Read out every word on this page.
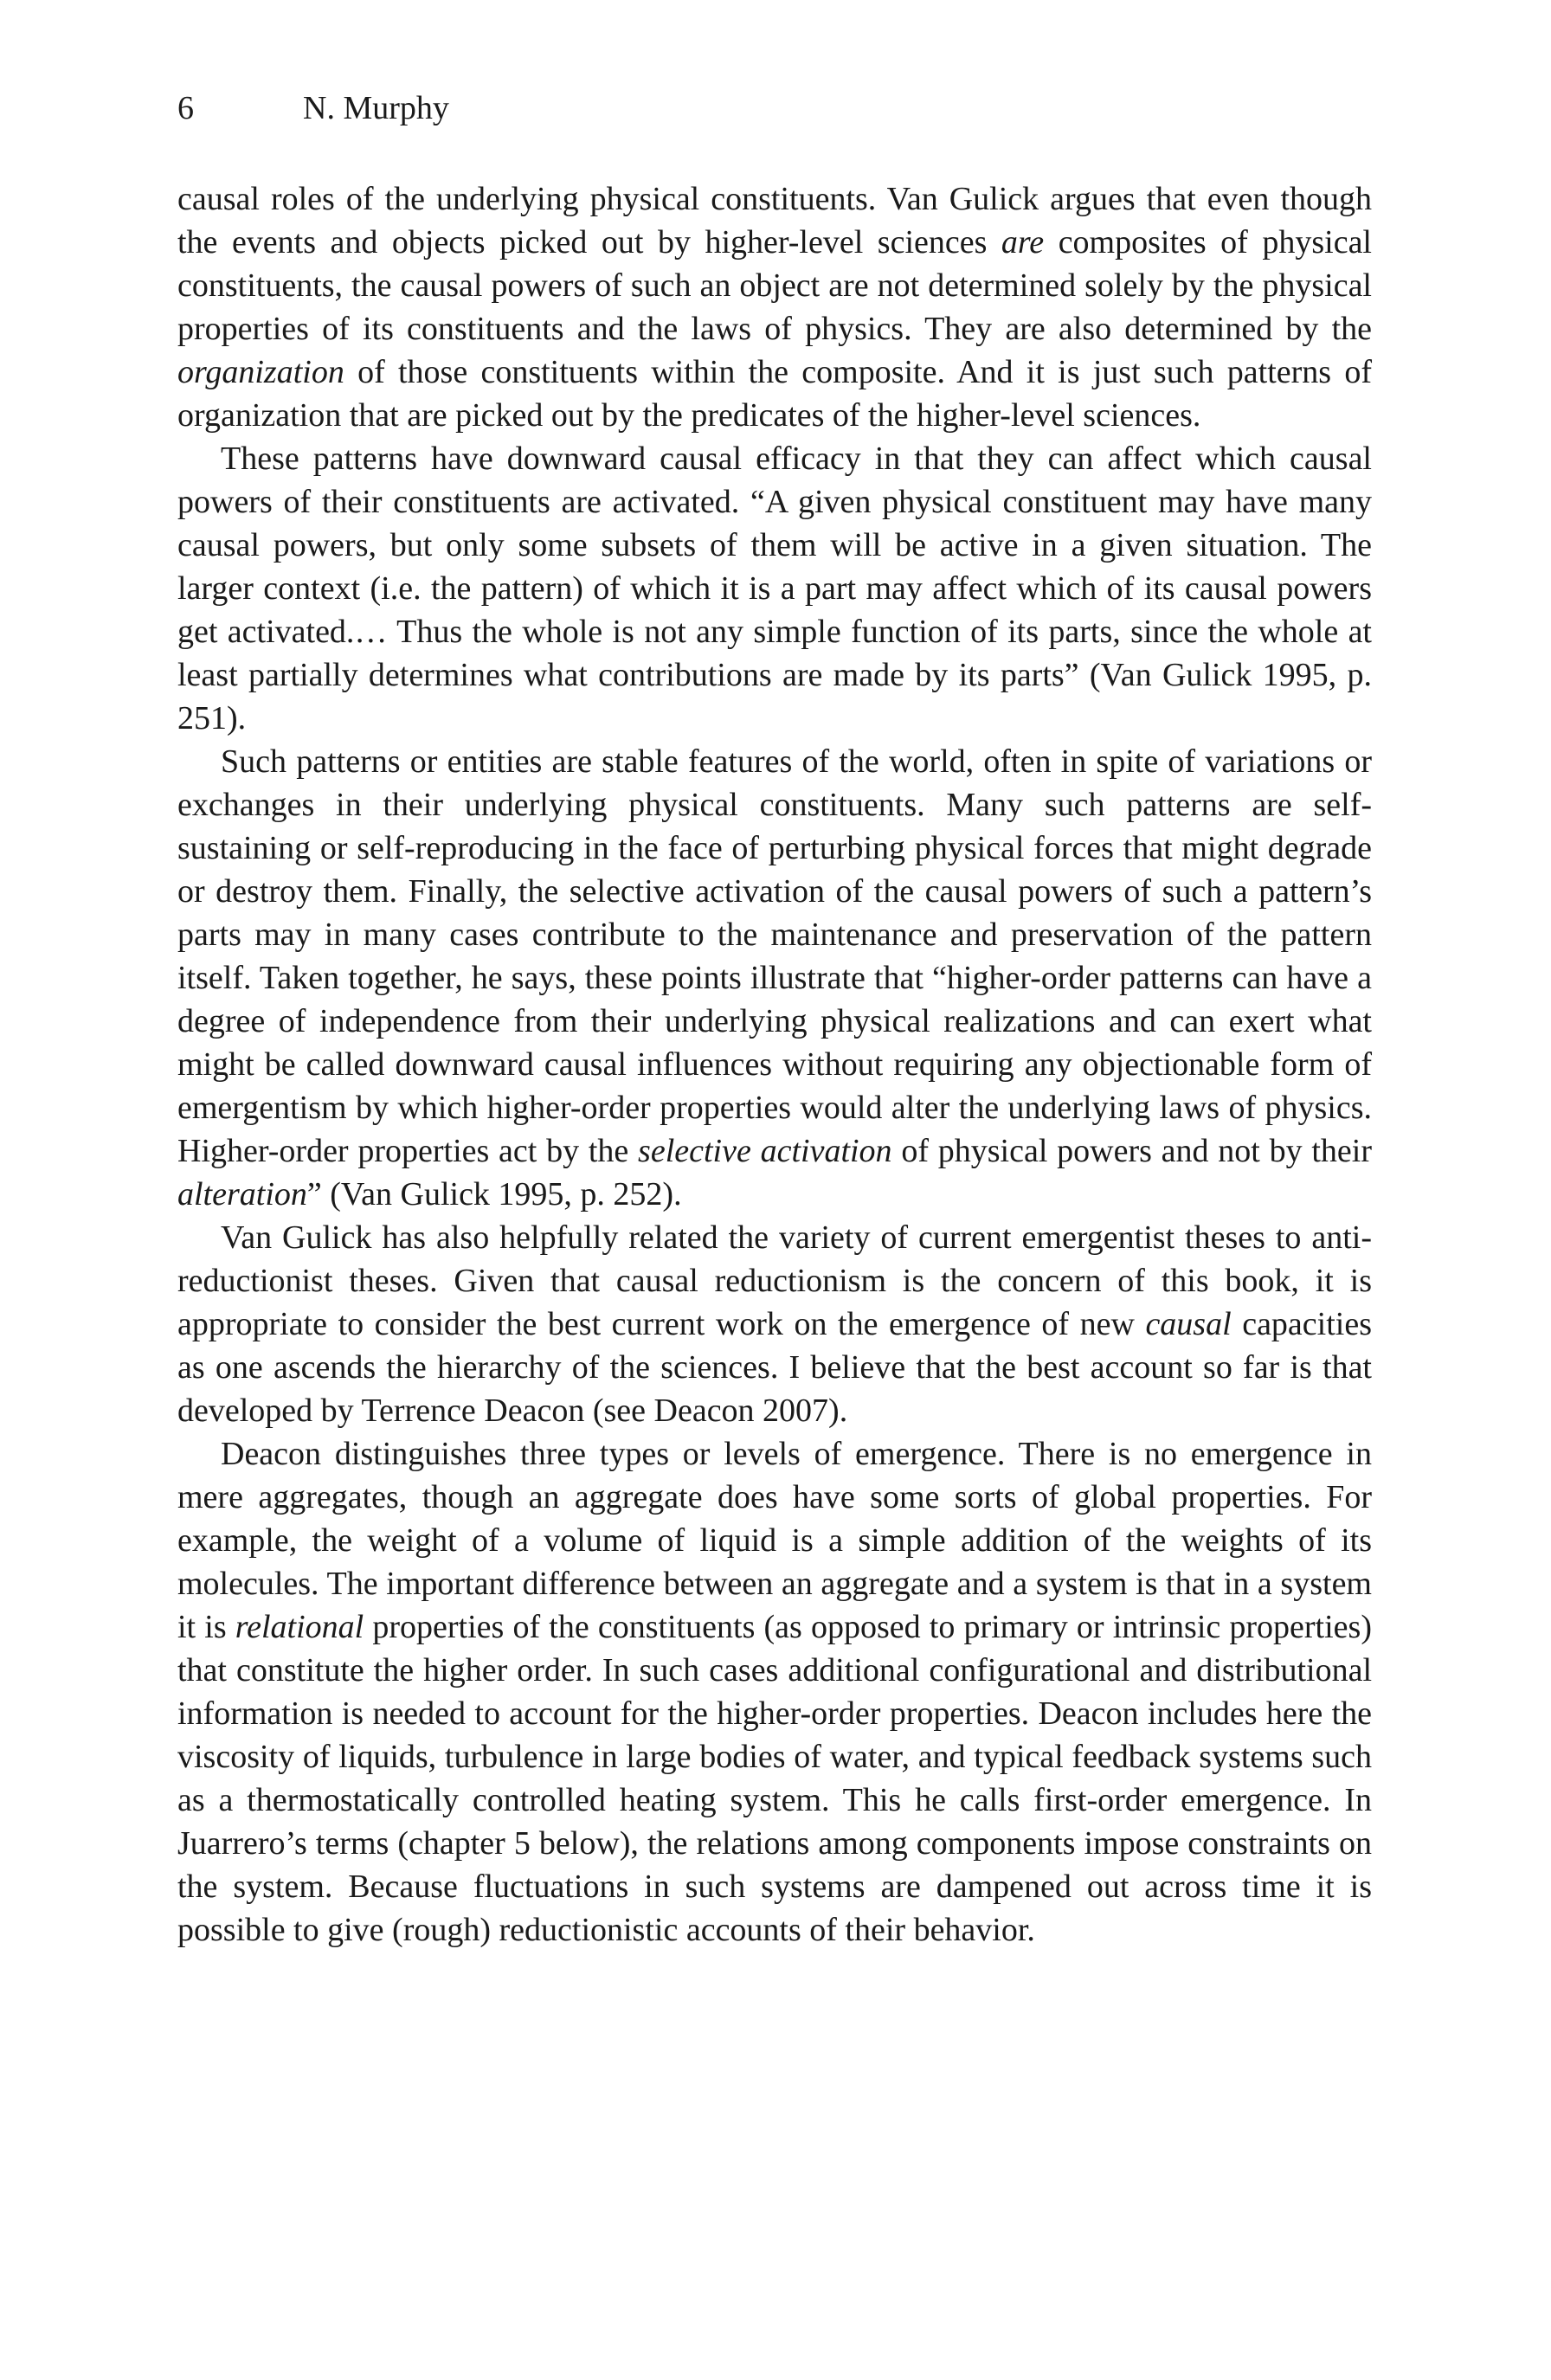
6	N. Murphy

causal roles of the underlying physical constituents. Van Gulick argues that even though the events and objects picked out by higher-level sciences are composites of physical constituents, the causal powers of such an object are not determined solely by the physical properties of its constituents and the laws of physics. They are also determined by the organization of those constituents within the composite. And it is just such patterns of organization that are picked out by the predicates of the higher-level sciences.

These patterns have downward causal efficacy in that they can affect which causal powers of their constituents are activated. “A given physical constituent may have many causal powers, but only some subsets of them will be active in a given situation. The larger context (i.e. the pattern) of which it is a part may affect which of its causal powers get activated.… Thus the whole is not any simple function of its parts, since the whole at least partially determines what contributions are made by its parts” (Van Gulick 1995, p. 251).

Such patterns or entities are stable features of the world, often in spite of variations or exchanges in their underlying physical constituents. Many such patterns are self-sustaining or self-reproducing in the face of perturbing physical forces that might degrade or destroy them. Finally, the selective activation of the causal powers of such a pattern’s parts may in many cases contribute to the maintenance and preservation of the pattern itself. Taken together, he says, these points illustrate that “higher-order patterns can have a degree of independence from their underlying physical realizations and can exert what might be called downward causal influences without requiring any objectionable form of emergentism by which higher-order properties would alter the underlying laws of physics. Higher-order properties act by the selective activation of physical powers and not by their alteration” (Van Gulick 1995, p. 252).

Van Gulick has also helpfully related the variety of current emergentist theses to anti-reductionist theses. Given that causal reductionism is the concern of this book, it is appropriate to consider the best current work on the emergence of new causal capacities as one ascends the hierarchy of the sciences. I believe that the best account so far is that developed by Terrence Deacon (see Deacon 2007).

Deacon distinguishes three types or levels of emergence. There is no emergence in mere aggregates, though an aggregate does have some sorts of global properties. For example, the weight of a volume of liquid is a simple addition of the weights of its molecules. The important difference between an aggregate and a system is that in a system it is relational properties of the constituents (as opposed to primary or intrinsic properties) that constitute the higher order. In such cases additional configurational and distributional information is needed to account for the higher-order properties. Deacon includes here the viscosity of liquids, turbulence in large bodies of water, and typical feedback systems such as a thermostatically controlled heating system. This he calls first-order emergence. In Juarrero’s terms (chapter 5 below), the relations among components impose constraints on the system. Because fluctuations in such systems are dampened out across time it is possible to give (rough) reductionistic accounts of their behavior.
